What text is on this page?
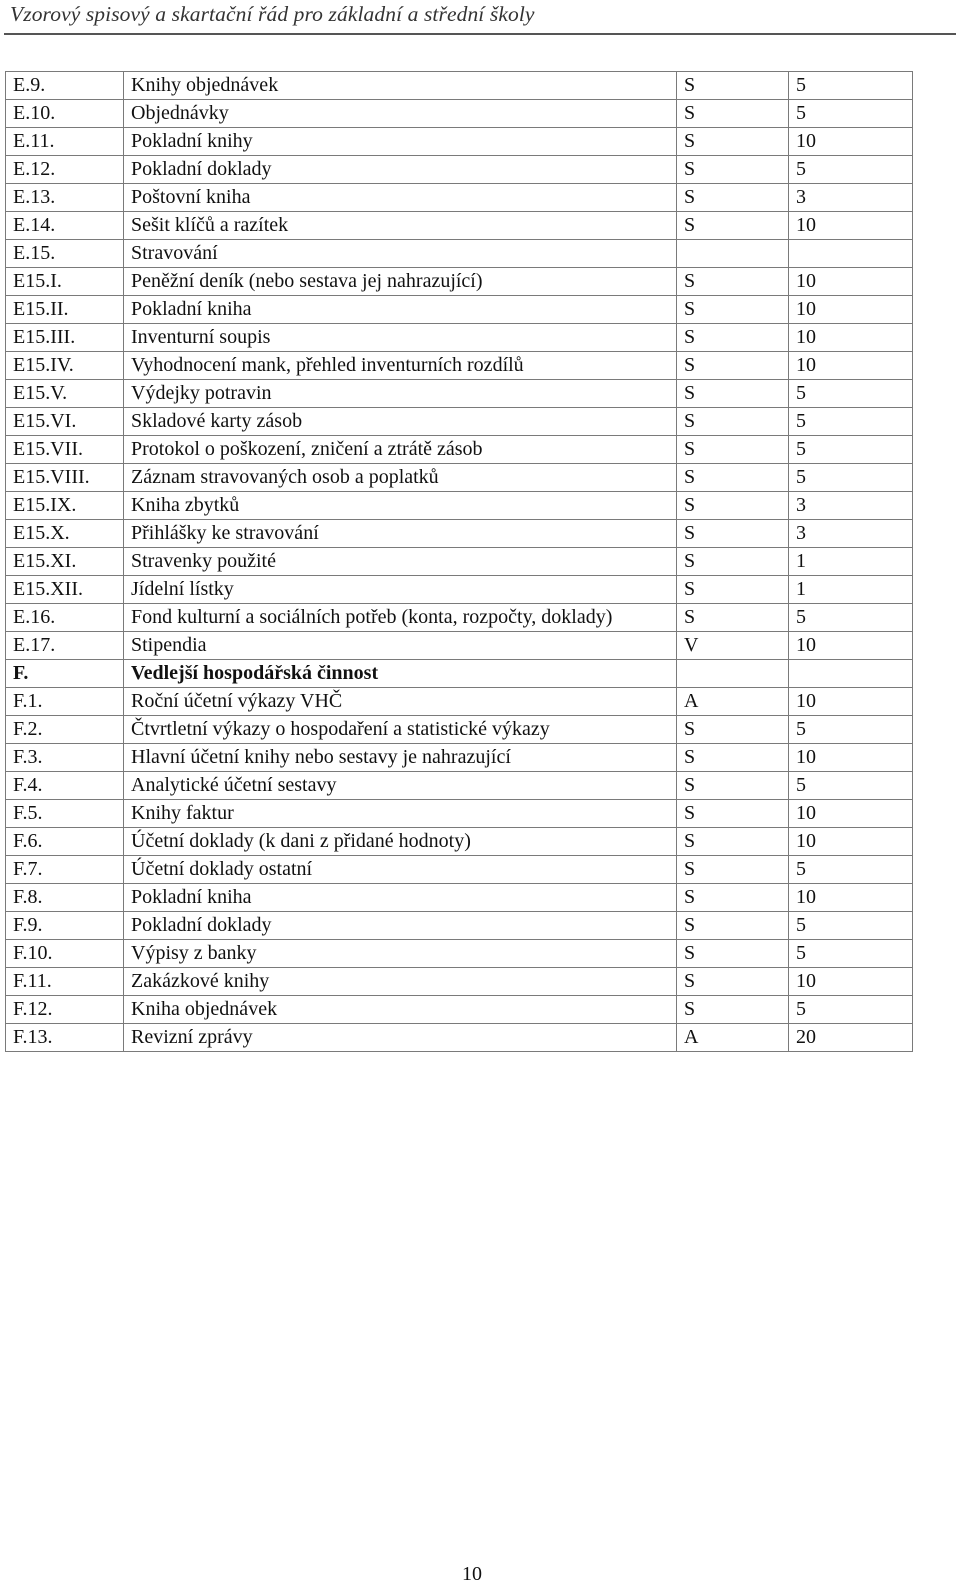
Vzorový spisový a skartační řád pro základní a střední školy
E.9.	Knihy objednávek	S	5
E.10.	Objednávky	S	5
E.11.	Pokladní knihy	S	10
E.12.	Pokladní doklady	S	5
E.13.	Poštovní kniha	S	3
E.14.	Sešit klíčů a razítek	S	10
E.15.	Stravování		
E15.I.	Peněžní deník (nebo sestava jej nahrazující)	S	10
E15.II.	Pokladní kniha	S	10
E15.III.	Inventurní soupis	S	10
E15.IV.	Vyhodnocení mank, přehled inventurních rozdílů	S	10
E15.V.	Výdejky potravin	S	5
E15.VI.	Skladové karty zásob	S	5
E15.VII.	Protokol o poškození, zničení a ztrátě zásob	S	5
E15.VIII.	Záznam stravovaných osob a poplatků	S	5
E15.IX.	Kniha zbytků	S	3
E15.X.	Přihlášky ke stravování	S	3
E15.XI.	Stravenky použité	S	1
E15.XII.	Jídelní lístky	S	1
E.16.	Fond kulturní a sociálních potřeb (konta, rozpočty, doklady)	S	5
E.17.	Stipendia	V	10
F.	Vedlejší hospodářská činnost		
F.1.	Roční účetní výkazy VHČ	A	10
F.2.	Čtvrtletní výkazy o hospodaření a statistické výkazy	S	5
F.3.	Hlavní účetní knihy nebo sestavy je nahrazující	S	10
F.4.	Analytické účetní sestavy	S	5
F.5.	Knihy faktur	S	10
F.6.	Účetní doklady (k dani z přidané hodnoty)	S	10
F.7.	Účetní doklady ostatní	S	5
F.8.	Pokladní kniha	S	10
F.9.	Pokladní doklady	S	5
F.10.	Výpisy z banky	S	5
F.11.	Zakázkové knihy	S	10
F.12.	Kniha objednávek	S	5
F.13.	Revizní zprávy	A	20
10
